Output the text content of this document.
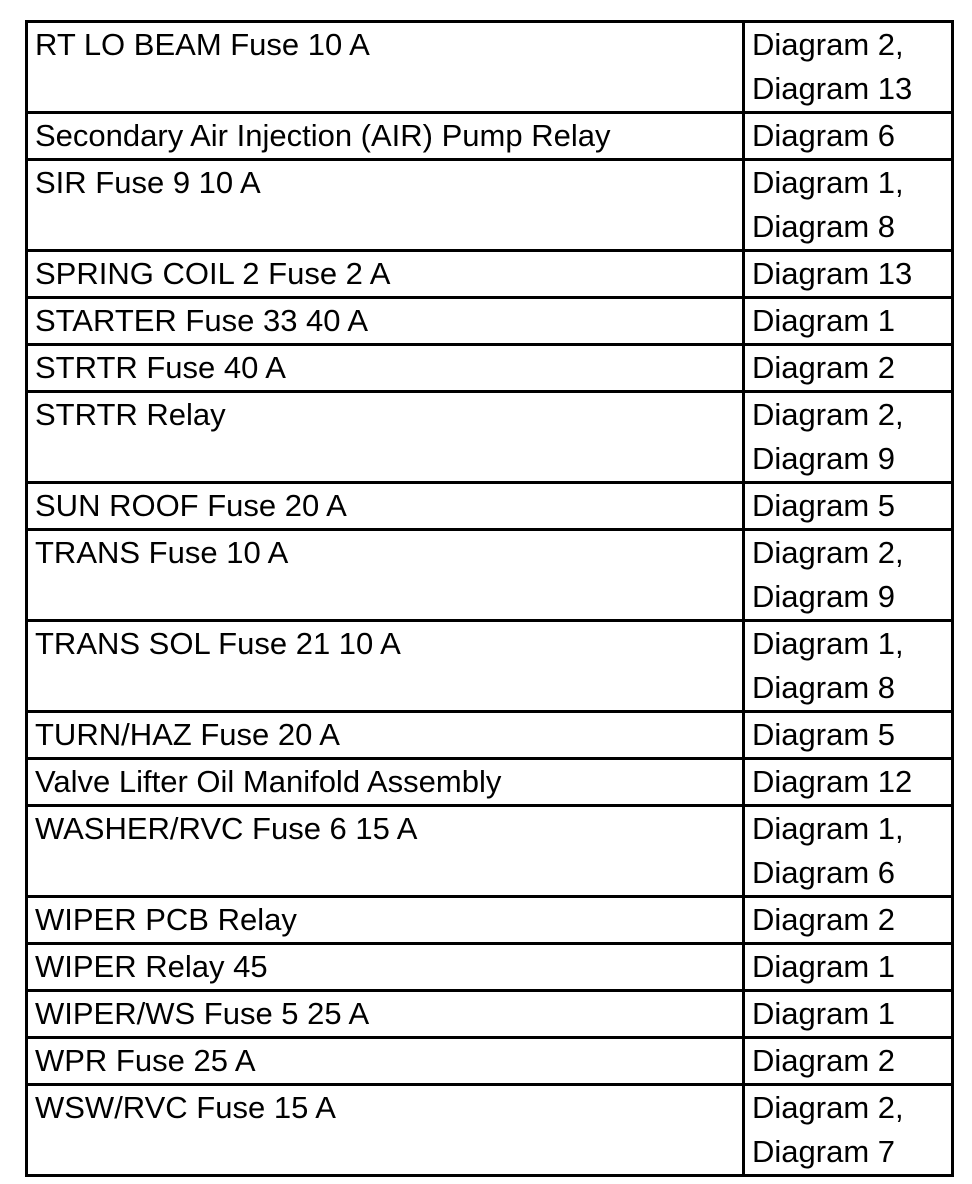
RT LO BEAM Fuse 10 A	Diagram 2,
Diagram 13

Secondary Air Injection (AIR) Pump Relay	Diagram 6

SIR Fuse 9 10 A	Diagram 1,
Diagram 8

SPRING COIL 2 Fuse 2 A	Diagram 13

STARTER Fuse 33 40 A	Diagram 1

STRTR Fuse 40 A	Diagram 2

STRTR Relay	Diagram 2,
Diagram 9

SUN ROOF Fuse 20 A	Diagram 5

TRANS Fuse 10 A	Diagram 2,
Diagram 9

TRANS SOL Fuse 21 10 A	Diagram 1,
Diagram 8

TURN/HAZ Fuse 20 A	Diagram 5

Valve Lifter Oil Manifold Assembly	Diagram 12

WASHER/RVC Fuse 6 15 A	Diagram 1,
Diagram 6

WIPER PCB Relay	Diagram 2

WIPER Relay 45	Diagram 1

WIPER/WS Fuse 5 25 A	Diagram 1

WPR Fuse 25 A	Diagram 2

WSW/RVC Fuse 15 A	Diagram 2,
Diagram 7
